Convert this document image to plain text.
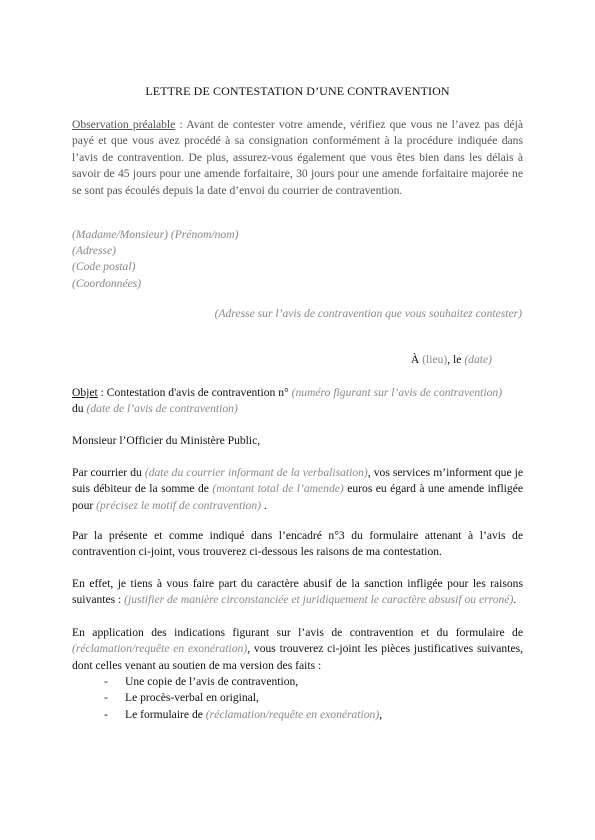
LETTRE DE CONTESTATION D’UNE CONTRAVENTION
Observation préalable : Avant de contester votre amende, vérifiez que vous ne l’avez pas déjà payé et que vous avez procédé à sa consignation conformément à la procédure indiquée dans l’avis de contravention. De plus, assurez-vous également que vous êtes bien dans les délais à savoir de 45 jours pour une amende forfaitaire, 30 jours pour une amende forfaitaire majorée ne se sont pas écoulés depuis la date d’envoi du courrier de contravention.
(Madame/Monsieur) (Prénom/nom)
(Adresse)
(Code postal)
(Coordonnées)
(Adresse sur l’avis de contravention que vous souhaitez contester)
À (lieu), le (date)
Objet : Contestation d'avis de contravention n° (numéro figurant sur l’avis de contravention)
du (date de l’avis de contravention)
Monsieur l’Officier du Ministère Public,
Par courrier du (date du courrier informant de la verbalisation), vos services m’informent que je suis débiteur de la somme de (montant total de l’amende) euros eu égard à une amende infligée pour (précisez le motif de contravention) .
Par la présente et comme indiqué dans l’encadré n°3 du formulaire attenant à l’avis de contravention ci-joint, vous trouverez ci-dessous les raisons de ma contestation.
En effet, je tiens à vous faire part du caractère abusif de la sanction infligée pour les raisons suivantes : (justifier de manière circonstanciée et juridiquement le caractère absusif ou erroné).
En application des indications figurant sur l’avis de contravention et du formulaire de (réclamation/requête en exonération), vous trouverez ci-joint les pièces justificatives suivantes, dont celles venant au soutien de ma version des faits :
-	Une copie de l’avis de contravention,
-	Le procès-verbal en original,
-	Le formulaire de (réclamation/requête en exonération),
